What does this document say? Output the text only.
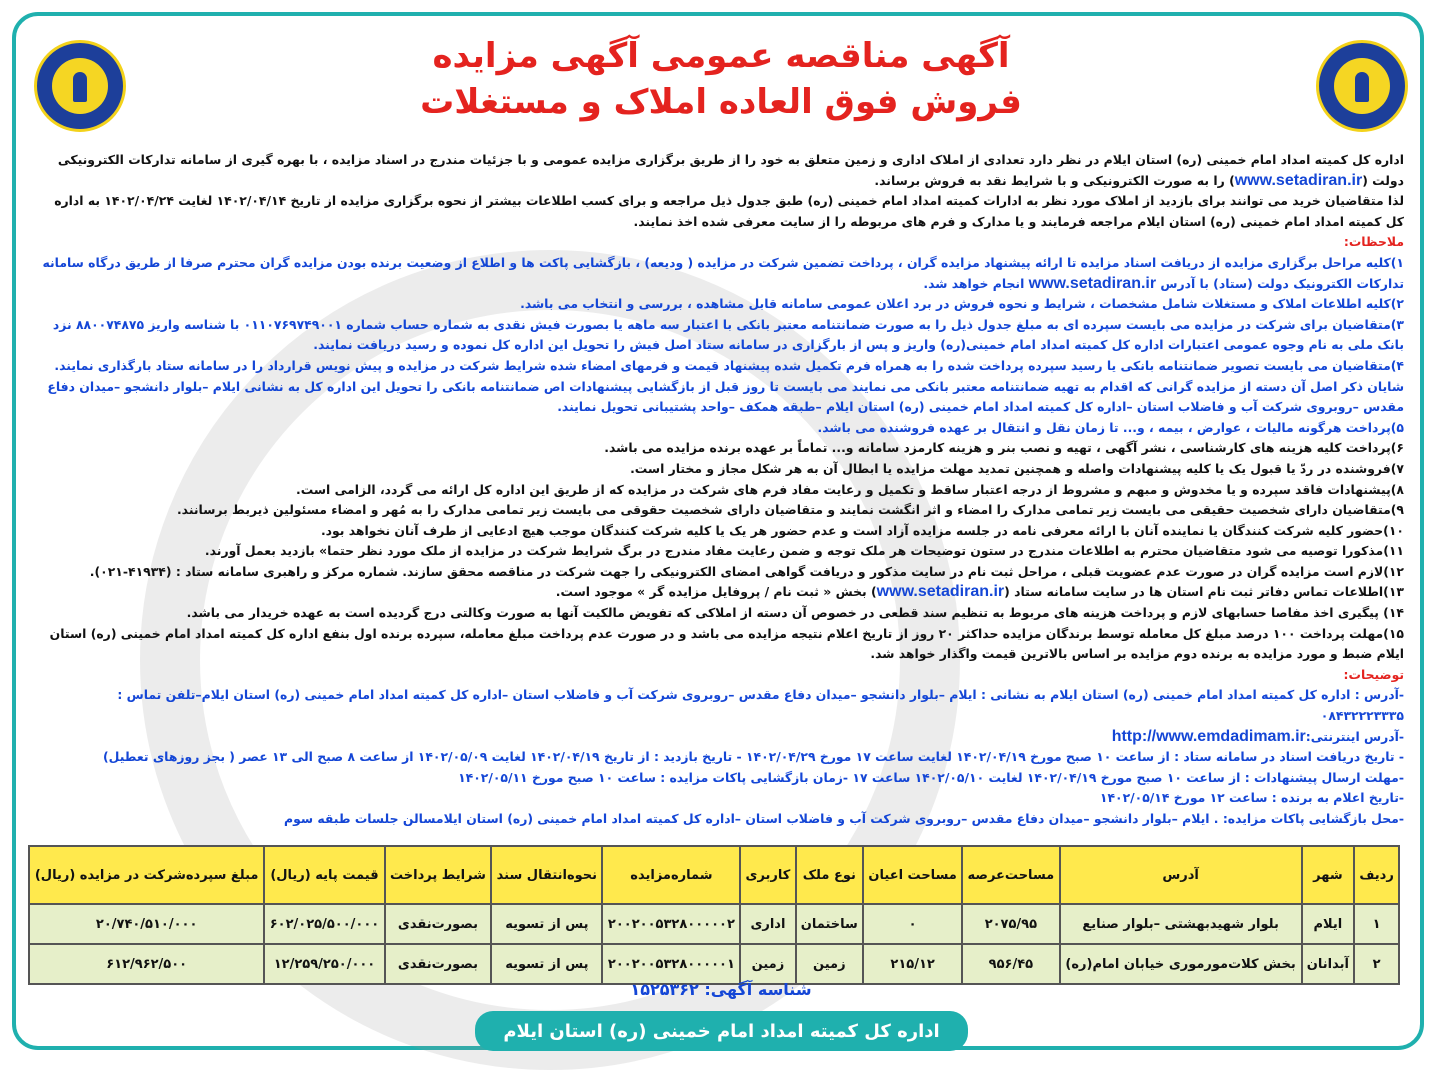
آگهی مناقصه عمومی آگهی مزایده
فروش فوق العاده املاک و مستغلات
اداره کل کمیته امداد امام خمینی (ره) استان ایلام در نظر دارد تعدادی از املاک اداری و زمین متعلق به خود را از طریق برگزاری مزایده عمومی و با جزئیات مندرج در اسناد مزایده ، با بهره گیری از سامانه تدارکات الکترونیکی دولت (www.setadiran.ir) را به صورت الکترونیکی و با شرایط نقد به فروش برساند.
لذا متقاضیان خرید می توانند برای بازدید از املاک مورد نظر به ادارات کمیته امداد امام خمینی (ره) طبق جدول ذیل مراجعه و برای کسب اطلاعات بیشتر از نحوه برگزاری مزایده از تاریخ ۱۴۰۲/۰۴/۱۴ لغایت ۱۴۰۲/۰۴/۲۴ به اداره کل کمیته امداد امام خمینی (ره) استان ایلام مراجعه فرمایند و یا مدارک و فرم های مربوطه را از سایت معرفی شده اخذ نمایند.
ملاحظات:
۱)کلیه مراحل برگزاری مزایده از دریافت اسناد مزایده تا ارائه پیشنهاد مزایده گران ، پرداخت تضمین شرکت در مزایده ( ودیعه) ، بازگشایی پاکت ها و اطلاع از وضعیت برنده بودن مزایده گران محترم صرفا از طریق درگاه سامانه تدارکات الکترونیک دولت (ستاد) با آدرس www.setadiran.ir انجام خواهد شد.
۲)کلیه اطلاعات املاک و مستغلات شامل مشخصات ، شرایط و نحوه فروش در برد اعلان عمومی سامانه قابل مشاهده ، بررسی و انتخاب می باشد.
۳)متقاضیان برای شرکت در مزایده می بایست سپرده ای به مبلغ جدول ذیل را به صورت ضمانتنامه معتبر بانکی با اعتبار سه ماهه یا بصورت فیش نقدی به شماره حساب شماره ۰۱۱۰۷۶۹۷۴۹۰۰۱ با شناسه واریز ۸۸۰۰۷۴۸۷۵ نزد بانک ملی به نام وجوه عمومی اعتبارات اداره کل کمیته امداد امام خمینی(ره) واریز و پس از بارگزاری در سامانه ستاد اصل فیش را تحویل این اداره کل نموده و رسید دریافت نمایند.
۴)متقاضیان می بایست تصویر ضمانتنامه بانکی یا رسید سپرده پرداخت شده را به همراه فرم تکمیل شده پیشنهاد قیمت و فرمهای امضاء شده شرایط شرکت در مزایده و پیش نویس قرارداد را در سامانه ستاد بارگذاری نمایند. شایان ذکر اصل آن دسته از مزایده گرانی که اقدام به تهیه ضمانتنامه معتبر بانکی می نمایند می بایست تا روز قبل از بازگشایی پیشنهادات اص ضمانتنامه بانکی را تحویل این اداره کل به نشانی ایلام –بلوار دانشجو –میدان دفاع مقدس –روبروی شرکت آب و فاضلاب استان –اداره کل کمیته امداد امام خمینی (ره) استان ایلام –طبقه همکف –واحد پشتیبانی تحویل نمایند.
۵)پرداخت هرگونه مالیات ، عوارض ، بیمه ، و... تا زمان نقل و انتقال بر عهده فروشنده می باشد.
۶)پرداخت کلیه هزینه های کارشناسی ، نشر آگهی ، تهیه و نصب بنر و هزینه کارمزد سامانه و... تماماً بر عهده برنده مزایده می باشد.
۷)فروشنده در ردّ یا قبول یک یا کلیه پیشنهادات واصله و همچنین تمدید مهلت مزایده یا ابطال آن به هر شکل مجاز و مختار است.
۸)پیشنهادات فاقد سپرده و یا مخدوش و مبهم و مشروط از درجه اعتبار ساقط و تکمیل و رعایت مفاد فرم های شرکت در مزایده که از طریق این اداره کل ارائه می گردد، الزامی است.
۹)متقاضیان دارای شخصیت حقیقی می بایست زیر تمامی مدارک را امضاء و اثر انگشت نمایند و متقاضیان دارای شخصیت حقوقی می بایست زیر تمامی مدارک را به مُهر و امضاء مسئولین ذیربط برسانند.
۱۰)حضور کلیه شرکت کنندگان یا نماینده آنان با ارائه معرفی نامه در جلسه مزایده آزاد است و عدم حضور هر یک یا کلیه شرکت کنندگان موجب هیچ ادعایی از طرف آنان نخواهد بود.
۱۱)مذکورا توصیه می شود متقاضیان محترم به اطلاعات مندرج در ستون توضیحات هر ملک توجه و ضمن رعایت مفاد مندرج در برگ شرایط شرکت در مزایده از ملک مورد نظر حتما» بازدید بعمل آورند.
۱۲)لازم است مزایده گران در صورت عدم عضویت قبلی ، مراحل ثبت نام در سایت مذکور و دریافت گواهی امضای الکترونیکی را جهت شرکت در مناقصه محقق سازند. شماره مرکز و راهبری سامانه ستاد : (۴۱۹۳۴-۰۲۱).
۱۳)اطلاعات تماس دفاتر ثبت نام استان ها در سایت سامانه ستاد (www.setadiran.ir) بخش « ثبت نام / پروفایل مزایده گر » موجود است.
۱۴) پیگیری اخذ مفاصا حسابهای لازم و پرداخت هزینه های مربوط به تنظیم سند قطعی در خصوص آن دسته از املاکی که تفویض مالکیت آنها به صورت وکالتی درج گردیده است به عهده خریدار می باشد.
۱۵)مهلت پرداخت ۱۰۰ درصد مبلغ کل معامله توسط برندگان مزایده حداکثر ۲۰ روز از تاریخ اعلام نتیجه مزایده می باشد و در صورت عدم پرداخت مبلغ معامله، سپرده برنده اول بنفع اداره کل کمیته امداد امام خمینی (ره) استان ایلام ضبط و مورد مزایده به برنده دوم مزایده بر اساس بالاترین قیمت واگذار خواهد شد.
توضیحات:
-آدرس : اداره کل کمیته امداد امام خمینی (ره) استان ایلام به نشانی : ایلام –بلوار دانشجو –میدان دفاع مقدس –روبروی شرکت آب و فاضلاب استان –اداره کل کمیته امداد امام خمینی (ره) استان ایلام–تلفن تماس : ۰۸۴۳۲۲۲۳۳۳۵
-آدرس اینترنتی:http://www.emdadimam.ir
- تاریخ دریافت اسناد در سامانه ستاد : از ساعت ۱۰ صبح مورخ ۱۴۰۲/۰۴/۱۹ لغایت ساعت ۱۷ مورخ ۱۴۰۲/۰۴/۲۹ - تاریخ بازدید : از تاریخ ۱۴۰۲/۰۴/۱۹ لغایت ۱۴۰۲/۰۵/۰۹ از ساعت ۸ صبح الی ۱۳ عصر ( بجز روزهای تعطیل)
-مهلت ارسال پیشنهادات : از ساعت ۱۰ صبح مورخ ۱۴۰۲/۰۴/۱۹ لغایت ۱۴۰۲/۰۵/۱۰ ساعت ۱۷ -زمان بازگشایی پاکات مزایده : ساعت ۱۰ صبح مورخ ۱۴۰۲/۰۵/۱۱
-تاریخ اعلام به برنده : ساعت ۱۲ مورخ ۱۴۰۲/۰۵/۱۴
-محل بازگشایی پاکات مزایده: . ایلام –بلوار دانشجو –میدان دفاع مقدس –روبروی شرکت آب و فاضلاب استان –اداره کل کمیته امداد امام خمینی (ره) استان ایلامسالن جلسات طبقه سوم
ردیف	شهر	آدرس	مساحت‌عرصه	مساحت اعیان	نوع ملک	کاربری	شماره‌مزایده	نحوه‌انتقال سند	شرایط پرداخت	قیمت پایه (ریال)	مبلغ سپرده‌شرکت در مزایده (ریال)
۱	ایلام	بلوار شهیدبهشتی –بلوار صنایع	۲۰۷۵/۹۵	۰	ساختمان	اداری	۲۰۰۲۰۰۵۳۲۸۰۰۰۰۰۲	پس از تسویه	بصورت‌نقدی	۶۰۲/۰۲۵/۵۰۰/۰۰۰	۲۰/۷۴۰/۵۱۰/۰۰۰
۲	آبدانان	بخش کلات‌مورموری خیابان امام(ره)	۹۵۶/۴۵	۲۱۵/۱۲	زمین	زمین	۲۰۰۲۰۰۵۳۲۸۰۰۰۰۰۱	پس از تسویه	بصورت‌نقدی	۱۲/۲۵۹/۲۵۰/۰۰۰	۶۱۲/۹۶۲/۵۰۰
شناسه آگهی: ۱۵۲۵۳۶۲
اداره کل کمیته امداد امام خمینی (ره) استان ایلام
